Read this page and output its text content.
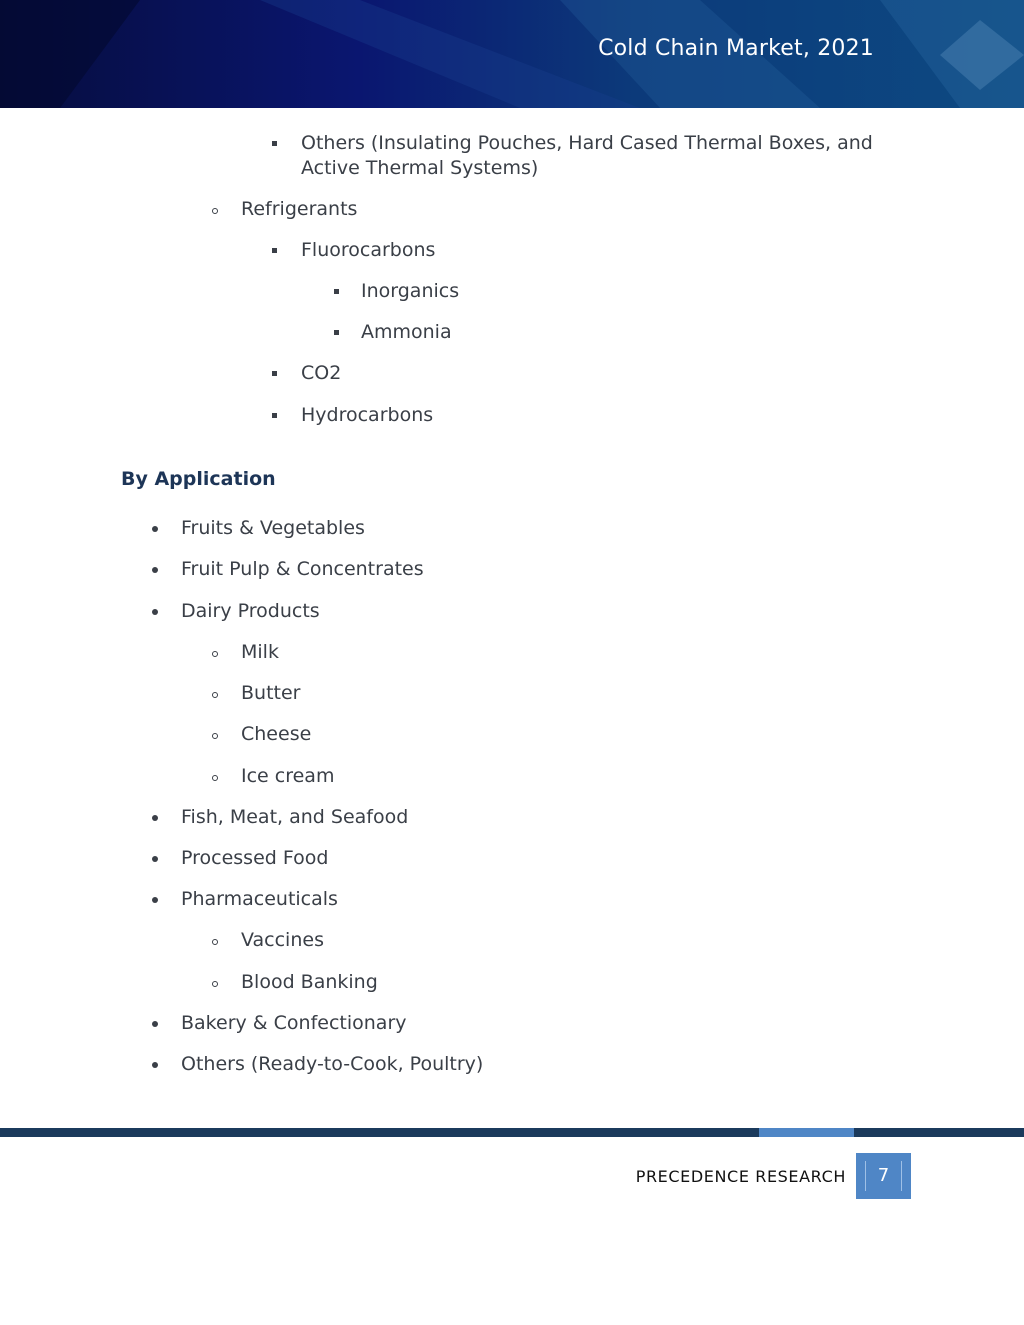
Cold Chain Market, 2021
Others (Insulating Pouches, Hard Cased Thermal Boxes, and
Active Thermal Systems)
Refrigerants
Fluorocarbons
Inorganics
Ammonia
CO2
Hydrocarbons
By Application
Fruits & Vegetables
Fruit Pulp & Concentrates
Dairy Products
Milk
Butter
Cheese
Ice cream
Fish, Meat, and Seafood
Processed Food
Pharmaceuticals
Vaccines
Blood Banking
Bakery & Confectionary
Others (Ready-to-Cook, Poultry)
PRECEDENCE RESEARCH	7
